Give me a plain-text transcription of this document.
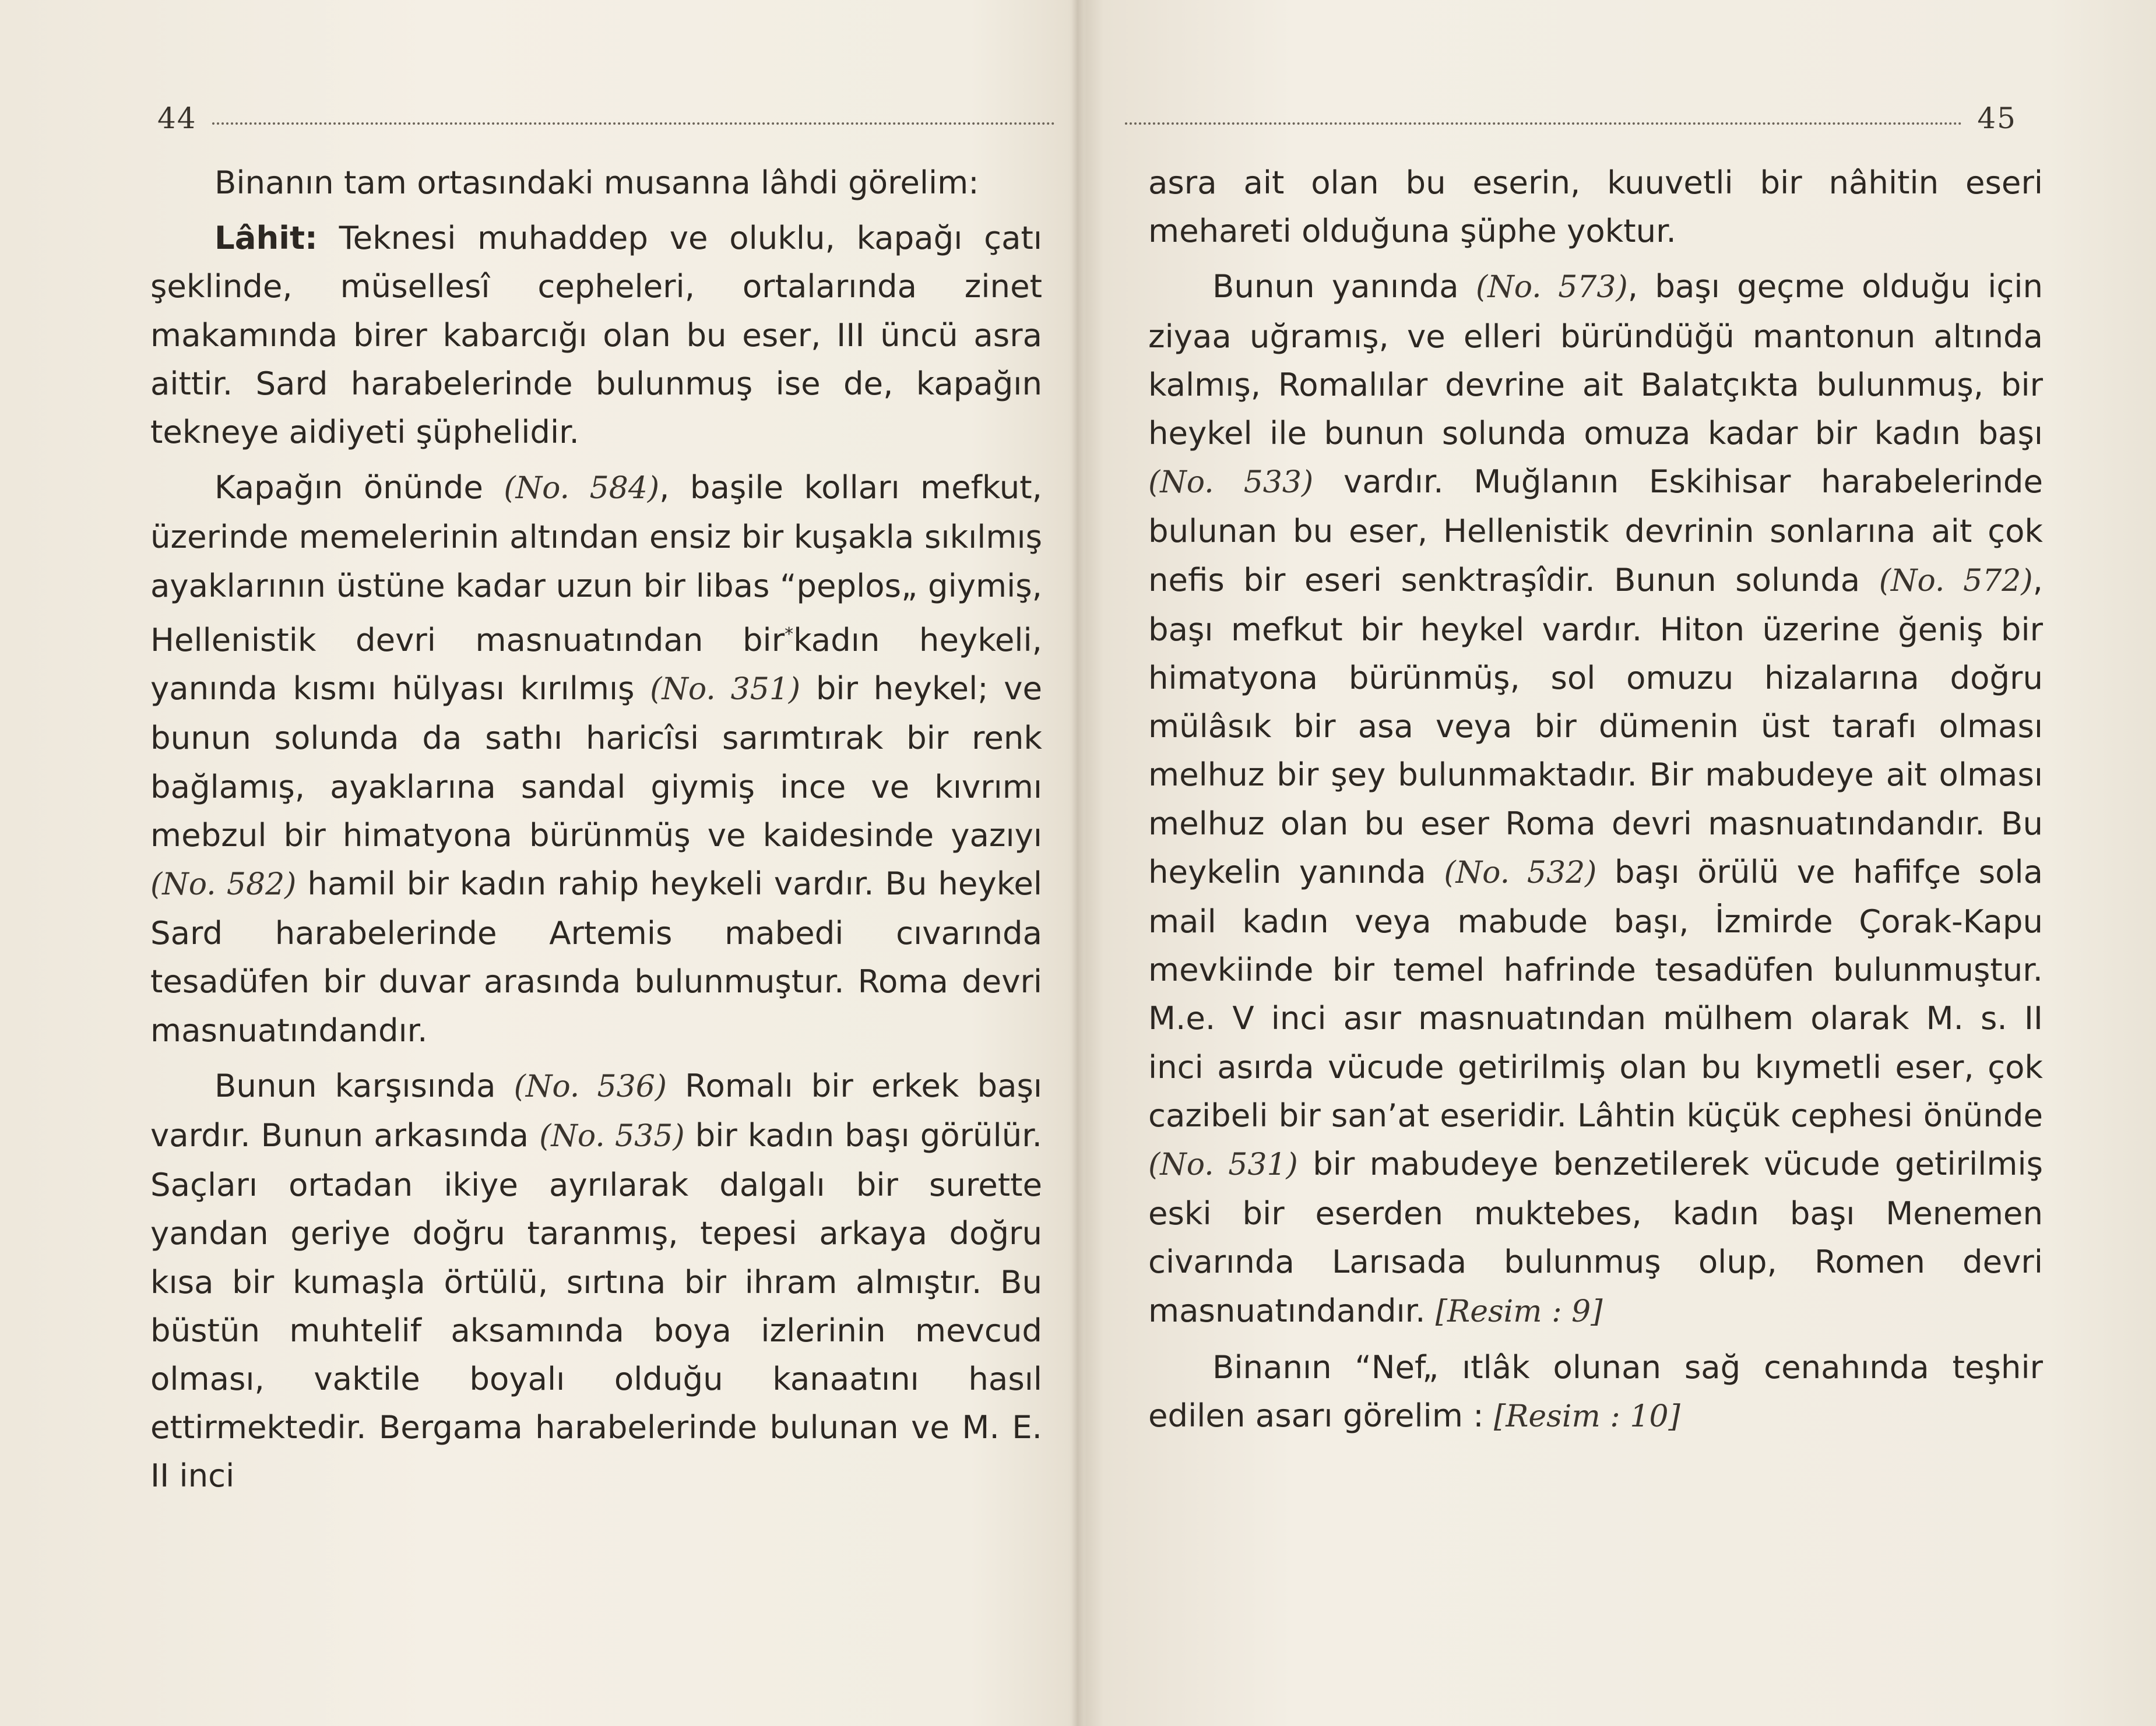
44

Binanın tam ortasındaki musanna lâhdi görelim:

Lâhit: Teknesi muhaddep ve oluklu, kapağı çatı şeklinde, müsellesî cepheleri, ortalarında zinet makamında birer kabarcığı olan bu eser, III üncü asra aittir. Sard harabelerinde bulunmuş ise de, kapağın tekneye aidiyeti şüphelidir.

Kapağın önünde (No. 584), başile kolları mefkut, üzerinde memelerinin altından ensiz bir kuşakla sıkılmış ayaklarının üstüne kadar uzun bir libas “peplos„ giymiş, Hellenistik devri masnuatından bir*kadın heykeli, yanında kısmı hülyası kırılmış (No. 351) bir heykel; ve bunun solunda da sathı haricîsi sarımtırak bir renk bağlamış, ayaklarına sandal giymiş ince ve kıvrımı mebzul bir himatyona bürünmüş ve kaidesinde yazıyı (No. 582) hamil bir kadın rahip heykeli vardır. Bu heykel Sard harabelerinde Artemis mabedi cıvarında tesadüfen bir duvar arasında bulunmuştur. Roma devri masnuatındandır.

Bunun karşısında (No. 536) Romalı bir erkek başı vardır. Bunun arkasında (No. 535) bir kadın başı görülür. Saçları ortadan ikiye ayrılarak dalgalı bir surette yandan geriye doğru taranmış, tepesi arkaya doğru kısa bir kumaşla örtülü, sırtına bir ihram almıştır. Bu büstün muhtelif aksamında boya izlerinin mevcud olması, vaktile boyalı olduğu kanaatını hasıl ettirmektedir. Bergama harabelerinde bulunan ve M. E. II inci

45

asra ait olan bu eserin, kuuvetli bir nâhitin eseri mehareti olduğuna şüphe yoktur.

Bunun yanında (No. 573), başı geçme olduğu için ziyaa uğramış, ve elleri büründüğü mantonun altında kalmış, Romalılar devrine ait Balatçıkta bulunmuş, bir heykel ile bunun solunda omuza kadar bir kadın başı (No. 533) vardır. Muğlanın Eskihisar harabelerinde bulunan bu eser, Hellenistik devrinin sonlarına ait çok nefis bir eseri senktraşîdir. Bunun solunda (No. 572), başı mefkut bir heykel vardır. Hiton üzerine ğeniş bir himatyona bürünmüş, sol omuzu hizalarına doğru mülâsık bir asa veya bir dümenin üst tarafı olması melhuz bir şey bulunmaktadır. Bir mabudeye ait olması melhuz olan bu eser Roma devri masnuatındandır. Bu heykelin yanında (No. 532) başı örülü ve hafifçe sola mail kadın veya mabude başı, İzmirde Çorak-Kapu mevkiinde bir temel hafrinde tesadüfen bulunmuştur. M.e. V inci asır masnuatından mülhem olarak M. s. II inci asırda vücude getirilmiş olan bu kıymetli eser, çok cazibeli bir san’at eseridir. Lâhtin küçük cephesi önünde (No. 531) bir mabudeye benzetilerek vücude getirilmiş eski bir eserden muktebes, kadın başı Menemen civarında Larısada bulunmuş olup, Romen devri masnuatındandır. [Resim : 9]

Binanın “Nef„ ıtlâk olunan sağ cenahında teşhir edilen asarı görelim : [Resim : 10]
